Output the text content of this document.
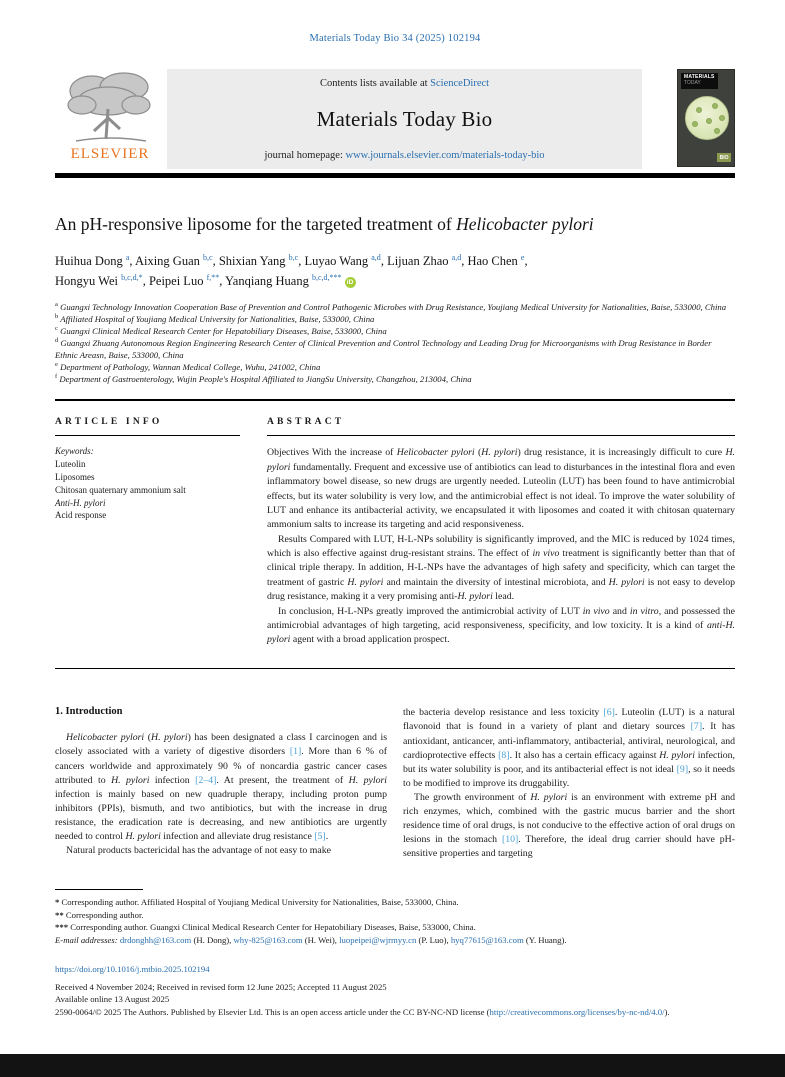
Materials Today Bio 34 (2025) 102194
ELSEVIER
Contents lists available at ScienceDirect
Materials Today Bio
journal homepage: www.journals.elsevier.com/materials-today-bio
MATERIALS
TODAY
BIO
An pH-responsive liposome for the targeted treatment of Helicobacter pylori
Huihua Dong $^a$, Aixing Guan $^{b,c}$, Shixian Yang $^{b,c}$, Luyao Wang $^{a,d}$, Lijuan Zhao $^{a,d}$, Hao Chen $^e$,
Hongyu Wei $^{b,c,d,*}$, Peipei Luo $^{f,**}$, Yanqiang Huang $^{b,c,d,***}$iD
$^a$ Guangxi Technology Innovation Cooperation Base of Prevention and Control Pathogenic Microbes with Drug Resistance, Youjiang Medical University for Nationalities, Baise, 533000, China
$^b$ Affiliated Hospital of Youjiang Medical University for Nationalities, Baise, 533000, China
$^c$ Guangxi Clinical Medical Research Center for Hepatobiliary Diseases, Baise, 533000, China
$^d$ Guangxi Zhuang Autonomous Region Engineering Research Center of Clinical Prevention and Control Technology and Leading Drug for Microorganisms with Drug Resistance in Border Ethnic Areasn, Baise, 533000, China
$^e$ Department of Pathology, Wannan Medical College, Wuhu, 241002, China
$^f$ Department of Gastroenterology, Wujin People's Hospital Affiliated to JiangSu University, Changzhou, 213004, China
ARTICLE INFO
Keywords:
Luteolin
Liposomes
Chitosan quaternary ammonium salt
Anti-H. pylori
Acid response
ABSTRACT

Objectives With the increase of Helicobacter pylori (H. pylori) drug resistance, it is increasingly difficult to cure H. pylori fundamentally. Frequent and excessive use of antibiotics can lead to disturbances in the intestinal flora and even inflammatory bowel disease, so new drugs are urgently needed. Luteolin (LUT) has been found to have antimicrobial effects, but its water solubility is very low, and the antimicrobial effect is not ideal. To improve the water solubility of LUT and enhance its antibacterial activity, we encapsulated it with liposomes and coated it with chitosan quaternary ammonium salts to increase its targeting and acid responsiveness.

Results Compared with LUT, H-L-NPs solubility is significantly improved, and the MIC is reduced by 1024 times, which is also effective against drug-resistant strains. The effect of in vivo treatment is significantly better than that of clinical triple therapy. In addition, H-L-NPs have the advantages of high safety and specificity, which can target the treatment of gastric H. pylori and maintain the diversity of intestinal microbiota, and H. pylori is not easy to develop drug resistance, making it a very promising anti-H. pylori lead.

In conclusion, H-L-NPs greatly improved the antimicrobial activity of LUT in vivo and in vitro, and possessed the antimicrobial advantages of high targeting, acid responsiveness, specificity, and low toxicity. It is a kind of anti-H. pylori agent with a broad application prospect.

1. Introduction

Helicobacter pylori (H. pylori) has been designated a class I carcinogen and is closely associated with a variety of digestive disorders [1]. More than 6 % of cancers worldwide and approximately 90 % of noncardia gastric cancer cases attributed to H. pylori infection [2–4]. At present, the treatment of H. pylori infection is mainly based on new quadruple therapy, including proton pump inhibitors (PPIs), bismuth, and two antibiotics, but with the increase in drug resistance, the eradication rate is decreasing, and new antibiotics are urgently needed to control H. pylori infection and alleviate drug resistance [5].

Natural products bactericidal has the advantage of not easy to make

the bacteria develop resistance and less toxicity [6]. Luteolin (LUT) is a natural flavonoid that is found in a variety of plant and dietary sources [7]. It has antioxidant, anticancer, anti-inflammatory, antibacterial, antiviral, neurological, and cardioprotective effects [8]. It also has a certain efficacy against H. pylori infection, but its water solubility is poor, and its antibacterial effect is not ideal [9], so it needs to be modified to improve its druggability.

The growth environment of H. pylori is an environment with extreme pH and rich enzymes, which, combined with the gastric mucus barrier and the short residence time of oral drugs, is not conducive to the effective action of oral drugs on lesions in the stomach [10]. Therefore, the ideal drug carrier should have pH-sensitive properties and targeting

* Corresponding author. Affiliated Hospital of Youjiang Medical University for Nationalities, Baise, 533000, China.
** Corresponding author.
*** Corresponding author. Guangxi Clinical Medical Research Center for Hepatobiliary Diseases, Baise, 533000, China.
E-mail addresses: drdonghh@163.com (H. Dong), why-825@163.com (H. Wei), luopeipei@wjrmyy.cn (P. Luo), hyq77615@163.com (Y. Huang).
https://doi.org/10.1016/j.mtbio.2025.102194
Received 4 November 2024; Received in revised form 12 June 2025; Accepted 11 August 2025
Available online 13 August 2025
2590-0064/© 2025 The Authors. Published by Elsevier Ltd. This is an open access article under the CC BY-NC-ND license (http://creativecommons.org/licenses/by-nc-nd/4.0/).
